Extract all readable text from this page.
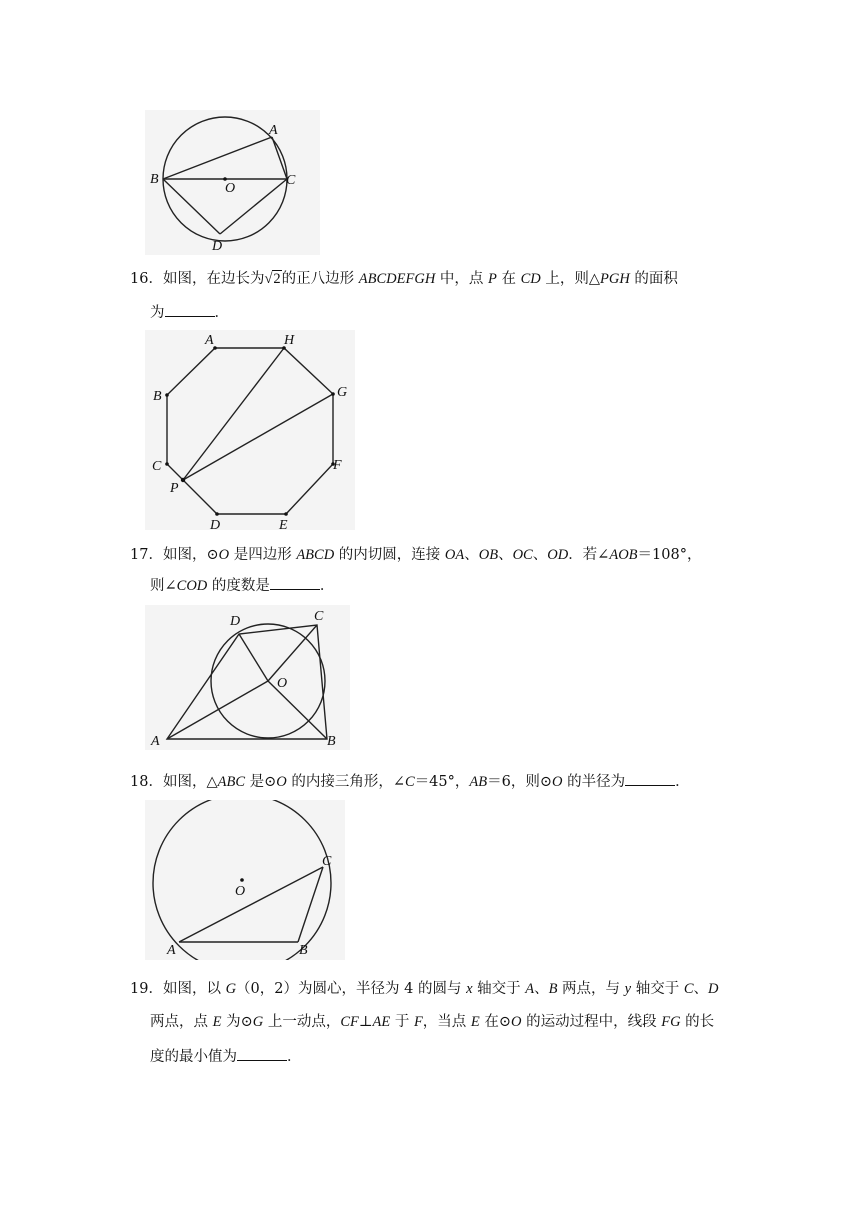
A
B	C
O
D
16．如图，在边长为√2的正八边形 ABCDEFGH 中，点 P 在 CD 上，则△PGH 的面积
为	．
A	H
B	G
C	F
P
D	E
17．如图，⊙O 是四边形 ABCD 的内切圆，连接 OA、OB、OC、OD．若∠AOB＝108°，
则∠COD 的度数是	．
D	C
O
A	B
18．如图，△ABC 是⊙O 的内接三角形，∠C＝45°，AB＝6，则⊙O 的半径为	．
O
C
A	B
19．如图，以 G（0，2）为圆心，半径为 4 的圆与 x 轴交于 A、B 两点，与 y 轴交于 C、D
两点，点 E 为⊙G 上一动点，CF⊥AE 于 F，当点 E 在⊙O 的运动过程中，线段 FG 的长
度的最小值为	．
